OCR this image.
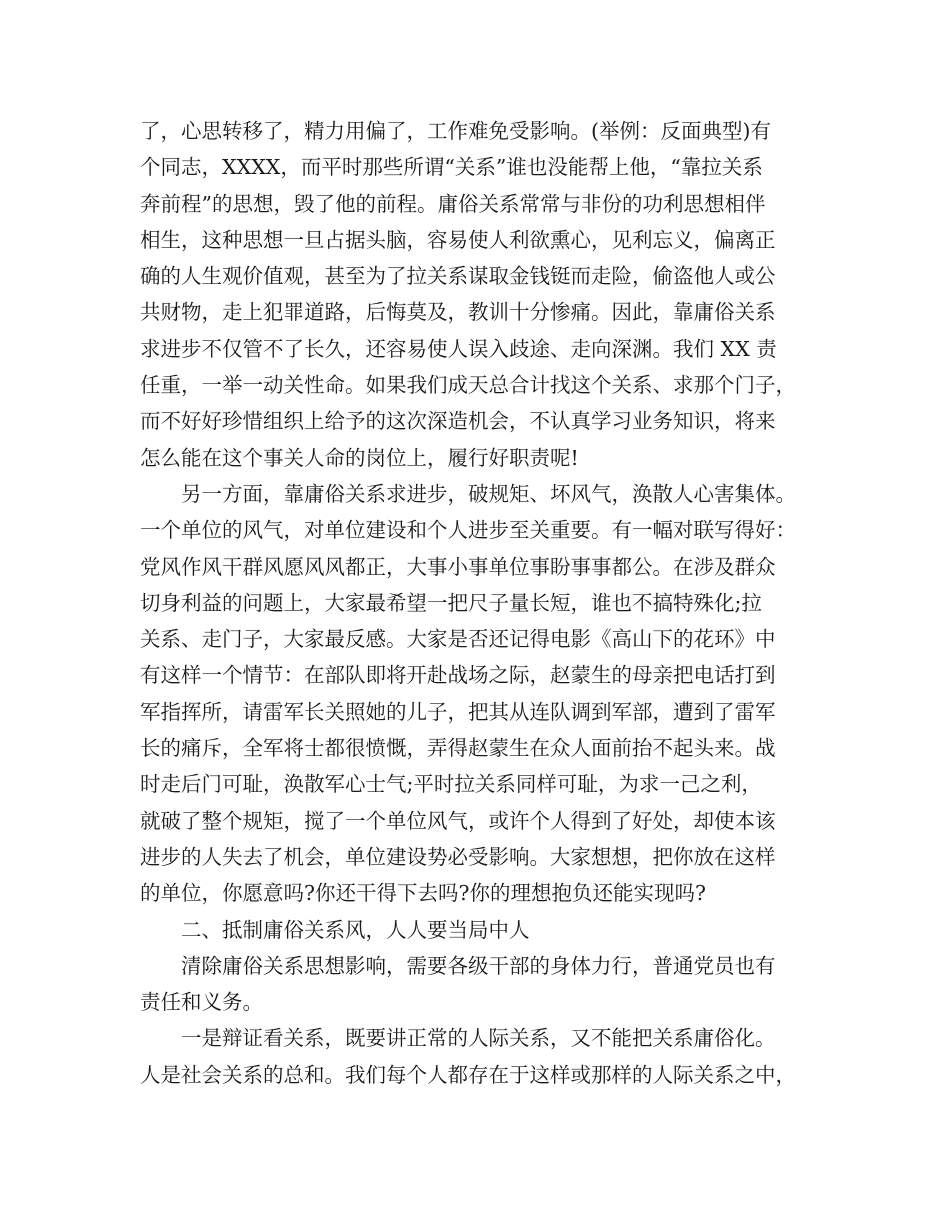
了，心思转移了，精力用偏了，工作难免受影响。(举例：反面典型)有
个同志，XXXX，而平时那些所谓“关系”谁也没能帮上他，“靠拉关系
奔前程”的思想，毁了他的前程。庸俗关系常常与非份的功利思想相伴
相生，这种思想一旦占据头脑，容易使人利欲熏心，见利忘义，偏离正
确的人生观价值观，甚至为了拉关系谋取金钱铤而走险，偷盗他人或公
共财物，走上犯罪道路，后悔莫及，教训十分惨痛。因此，靠庸俗关系
求进步不仅管不了长久，还容易使人误入歧途、走向深渊。我们 XX 责
任重，一举一动关性命。如果我们成天总合计找这个关系、求那个门子，
而不好好珍惜组织上给予的这次深造机会，不认真学习业务知识，将来
怎么能在这个事关人命的岗位上，履行好职责呢!
　　另一方面，靠庸俗关系求进步，破规矩、坏风气，涣散人心害集体。
一个单位的风气，对单位建设和个人进步至关重要。有一幅对联写得好：
党风作风干群风愿风风都正，大事小事单位事盼事事都公。在涉及群众
切身利益的问题上，大家最希望一把尺子量长短，谁也不搞特殊化;拉
关系、走门子，大家最反感。大家是否还记得电影《高山下的花环》中
有这样一个情节：在部队即将开赴战场之际，赵蒙生的母亲把电话打到
军指挥所，请雷军长关照她的儿子，把其从连队调到军部，遭到了雷军
长的痛斥，全军将士都很愤慨，弄得赵蒙生在众人面前抬不起头来。战
时走后门可耻，涣散军心士气;平时拉关系同样可耻，为求一己之利，
就破了整个规矩，搅了一个单位风气，或许个人得到了好处，却使本该
进步的人失去了机会，单位建设势必受影响。大家想想，把你放在这样
的单位，你愿意吗?你还干得下去吗?你的理想抱负还能实现吗?
　　二、抵制庸俗关系风，人人要当局中人
　　清除庸俗关系思想影响，需要各级干部的身体力行，普通党员也有
责任和义务。
　　一是辩证看关系，既要讲正常的人际关系，又不能把关系庸俗化。
人是社会关系的总和。我们每个人都存在于这样或那样的人际关系之中，
